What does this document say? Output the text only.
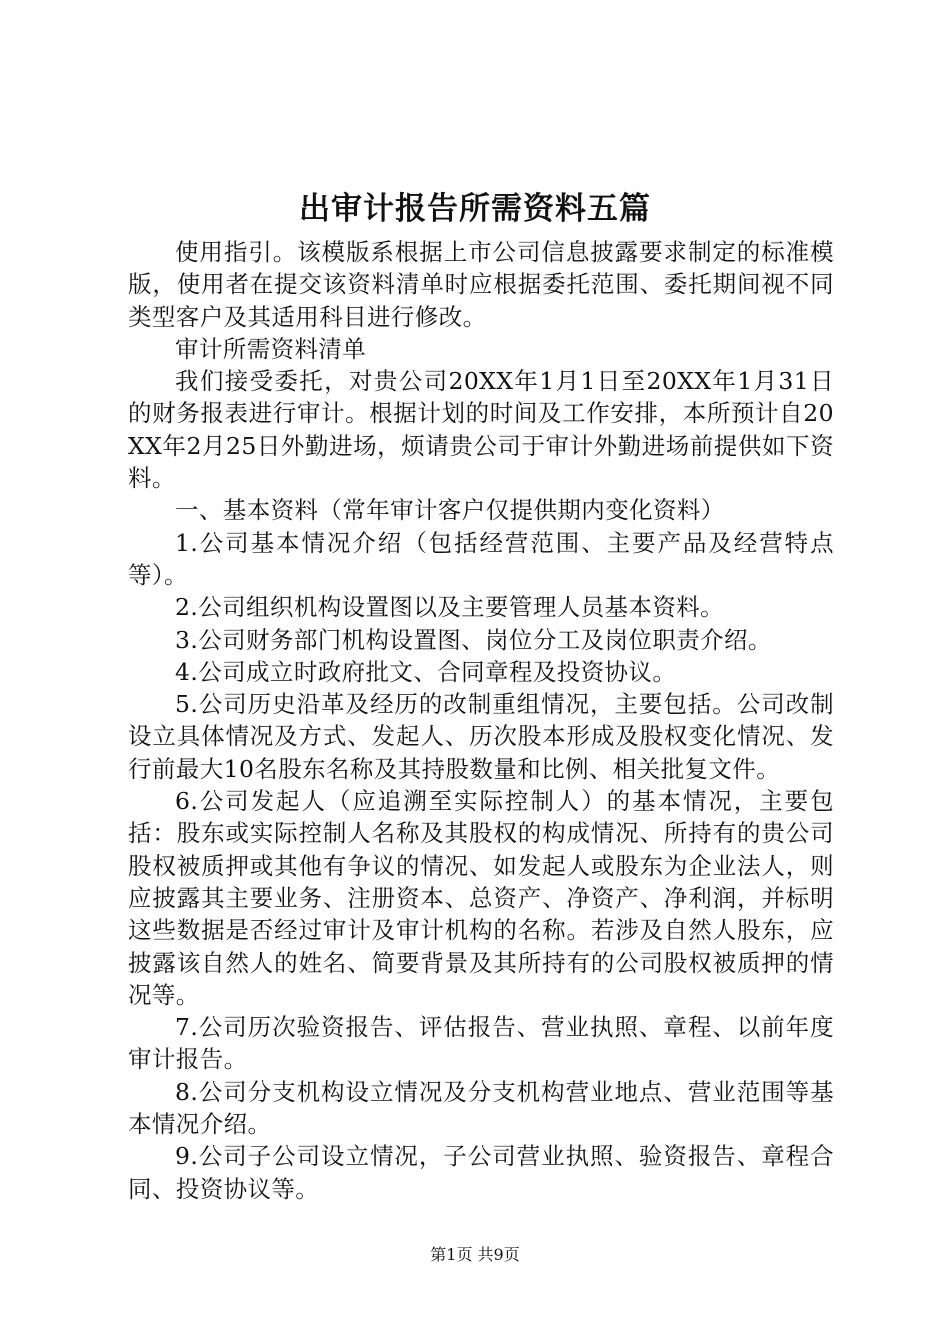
出审计报告所需资料五篇

使用指引。该模版系根据上市公司信息披露要求制定的标准模版，使用者在提交该资料清单时应根据委托范围、委托期间视不同类型客户及其适用科目进行修改。

审计所需资料清单

我们接受委托，对贵公司20XX年1月1日至20XX年1月31日的财务报表进行审计。根据计划的时间及工作安排，本所预计自20XX年2月25日外勤进场，烦请贵公司于审计外勤进场前提供如下资料。

一、基本资料（常年审计客户仅提供期内变化资料）

1.公司基本情况介绍（包括经营范围、主要产品及经营特点等）。

2.公司组织机构设置图以及主要管理人员基本资料。

3.公司财务部门机构设置图、岗位分工及岗位职责介绍。

4.公司成立时政府批文、合同章程及投资协议。

5.公司历史沿革及经历的改制重组情况，主要包括。公司改制设立具体情况及方式、发起人、历次股本形成及股权变化情况、发行前最大10名股东名称及其持股数量和比例、相关批复文件。

6.公司发起人（应追溯至实际控制人）的基本情况，主要包括：股东或实际控制人名称及其股权的构成情况、所持有的贵公司股权被质押或其他有争议的情况、如发起人或股东为企业法人，则应披露其主要业务、注册资本、总资产、净资产、净利润，并标明这些数据是否经过审计及审计机构的名称。若涉及自然人股东，应披露该自然人的姓名、简要背景及其所持有的公司股权被质押的情况等。

7.公司历次验资报告、评估报告、营业执照、章程、以前年度审计报告。

8.公司分支机构设立情况及分支机构营业地点、营业范围等基本情况介绍。

9.公司子公司设立情况，子公司营业执照、验资报告、章程合同、投资协议等。

第1页 共9页
